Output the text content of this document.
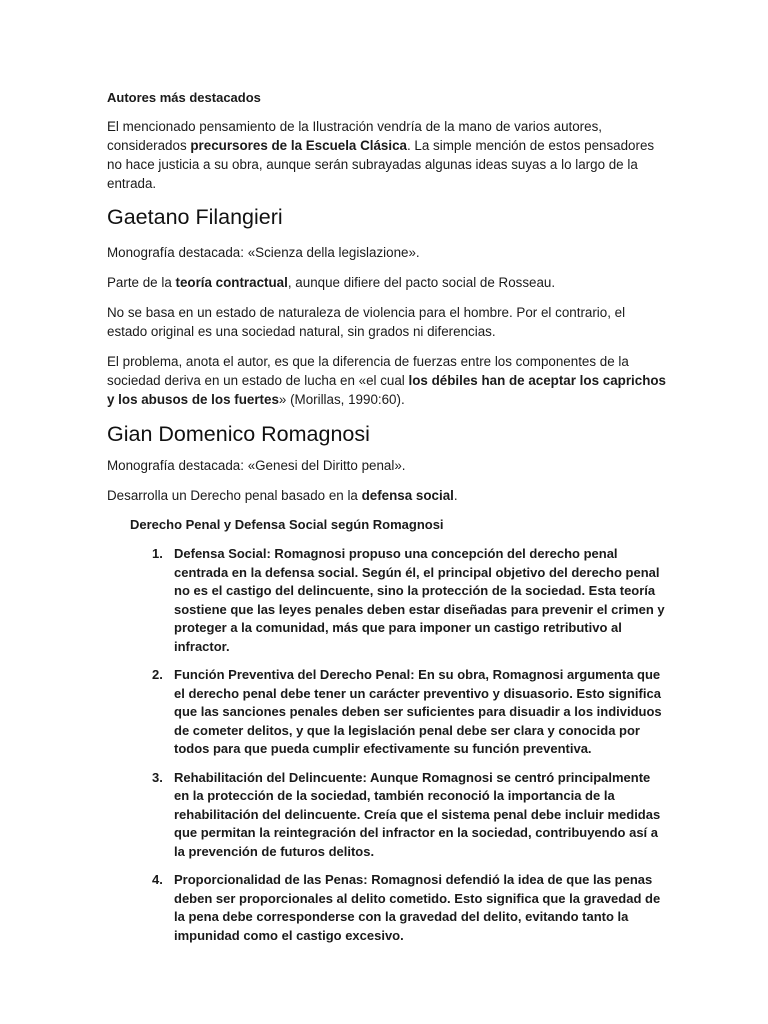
Autores más destacados

El mencionado pensamiento de la Ilustración vendría de la mano de varios autores, considerados precursores de la Escuela Clásica. La simple mención de estos pensadores no hace justicia a su obra, aunque serán subrayadas algunas ideas suyas a lo largo de la entrada.

Gaetano Filangieri

Monografía destacada: «Scienza della legislazione».

Parte de la teoría contractual, aunque difiere del pacto social de Rosseau.

No se basa en un estado de naturaleza de violencia para el hombre. Por el contrario, el estado original es una sociedad natural, sin grados ni diferencias.

El problema, anota el autor, es que la diferencia de fuerzas entre los componentes de la sociedad deriva en un estado de lucha en «el cual los débiles han de aceptar los caprichos y los abusos de los fuertes» (Morillas, 1990:60).

Gian Domenico Romagnosi

Monografía destacada: «Genesi del Diritto penal».

Desarrolla un Derecho penal basado en la defensa social.

Derecho Penal y Defensa Social según Romagnosi

1. Defensa Social: Romagnosi propuso una concepción del derecho penal centrada en la defensa social. Según él, el principal objetivo del derecho penal no es el castigo del delincuente, sino la protección de la sociedad. Esta teoría sostiene que las leyes penales deben estar diseñadas para prevenir el crimen y proteger a la comunidad, más que para imponer un castigo retributivo al infractor.
2. Función Preventiva del Derecho Penal: En su obra, Romagnosi argumenta que el derecho penal debe tener un carácter preventivo y disuasorio. Esto significa que las sanciones penales deben ser suficientes para disuadir a los individuos de cometer delitos, y que la legislación penal debe ser clara y conocida por todos para que pueda cumplir efectivamente su función preventiva.
3. Rehabilitación del Delincuente: Aunque Romagnosi se centró principalmente en la protección de la sociedad, también reconoció la importancia de la rehabilitación del delincuente. Creía que el sistema penal debe incluir medidas que permitan la reintegración del infractor en la sociedad, contribuyendo así a la prevención de futuros delitos.
4. Proporcionalidad de las Penas: Romagnosi defendió la idea de que las penas deben ser proporcionales al delito cometido. Esto significa que la gravedad de la pena debe corresponderse con la gravedad del delito, evitando tanto la impunidad como el castigo excesivo.
